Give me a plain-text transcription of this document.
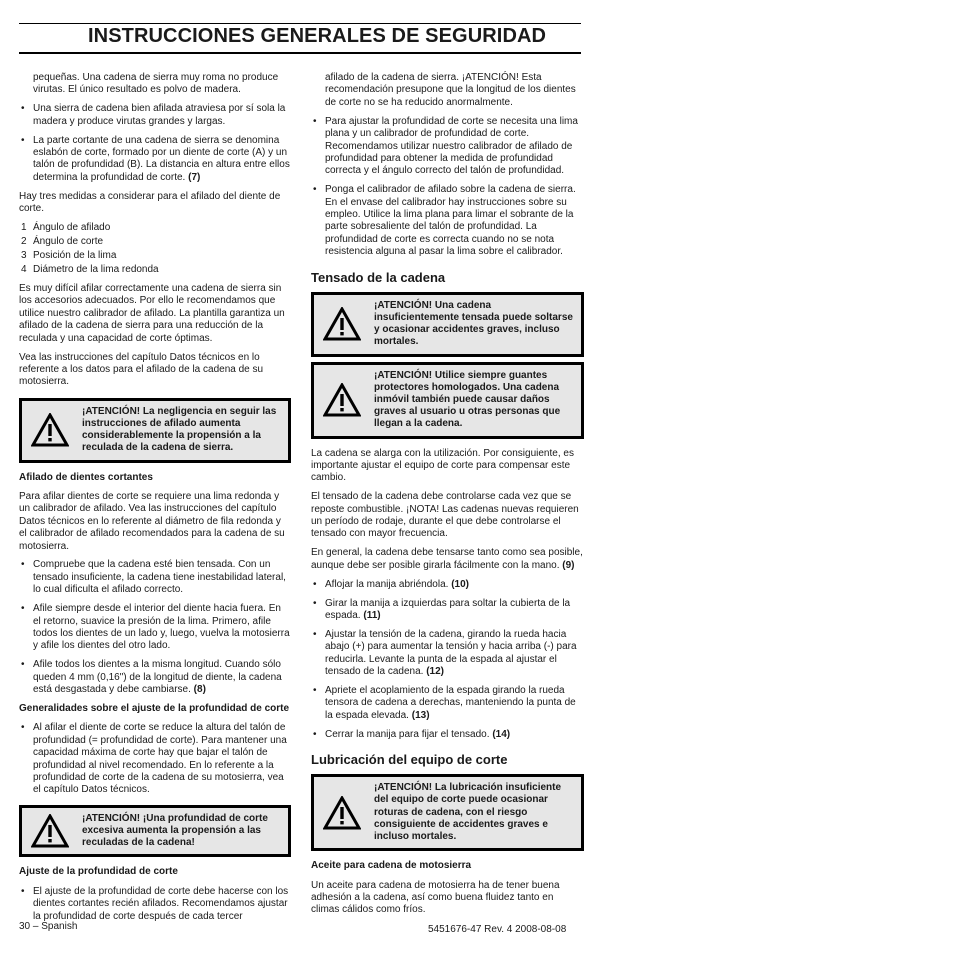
INSTRUCCIONES GENERALES DE SEGURIDAD

pequeñas. Una cadena de sierra muy roma no produce virutas. El único resultado es polvo de madera.

• Una sierra de cadena bien afilada atraviesa por sí sola la madera y produce virutas grandes y largas.
• La parte cortante de una cadena de sierra se denomina eslabón de corte, formado por un diente de corte (A) y un talón de profundidad (B). La distancia en altura entre ellos determina la profundidad de corte. (7)

Hay tres medidas a considerar para el afilado del diente de corte.

1 Ángulo de afilado
2 Ángulo de corte
3 Posición de la lima
4 Diámetro de la lima redonda

Es muy difícil afilar correctamente una cadena de sierra sin los accesorios adecuados. Por ello le recomendamos que utilice nuestro calibrador de afilado. La plantilla garantiza un afilado de la cadena de sierra para una reducción de la reculada y una capacidad de corte óptimas.

Vea las instrucciones del capítulo Datos técnicos en lo referente a los datos para el afilado de la cadena de su motosierra.

¡ATENCIÓN! La negligencia en seguir las instrucciones de afilado aumenta considerablemente la propensión a la reculada de la cadena de sierra.

Afilado de dientes cortantes

Para afilar dientes de corte se requiere una lima redonda y un calibrador de afilado. Vea las instrucciones del capítulo Datos técnicos en lo referente al diámetro de fila redonda y el calibrador de afilado recomendados para la cadena de su motosierra.

• Compruebe que la cadena esté bien tensada. Con un tensado insuficiente, la cadena tiene inestabilidad lateral, lo cual dificulta el afilado correcto.
• Afile siempre desde el interior del diente hacia fuera. En el retorno, suavice la presión de la lima. Primero, afile todos los dientes de un lado y, luego, vuelva la motosierra y afile los dientes del otro lado.
• Afile todos los dientes a la misma longitud. Cuando sólo queden 4 mm (0,16") de la longitud de diente, la cadena está desgastada y debe cambiarse. (8)

Generalidades sobre el ajuste de la profundidad de corte

• Al afilar el diente de corte se reduce la altura del talón de profundidad (= profundidad de corte). Para mantener una capacidad máxima de corte hay que bajar el talón de profundidad al nivel recomendado. En lo referente a la profundidad de corte de la cadena de su motosierra, vea el capítulo Datos técnicos.
¡ATENCIÓN! ¡Una profundidad de corte excesiva aumenta la propensión a las reculadas de la cadena!

Ajuste de la profundidad de corte

• El ajuste de la profundidad de corte debe hacerse con los dientes cortantes recién afilados. Recomendamos ajustar la profundidad de corte después de cada tercer

afilado de la cadena de sierra. ¡ATENCIÓN! Esta recomendación presupone que la longitud de los dientes de corte no se ha reducido anormalmente.

• Para ajustar la profundidad de corte se necesita una lima plana y un calibrador de profundidad de corte. Recomendamos utilizar nuestro calibrador de afilado de profundidad para obtener la medida de profundidad correcta y el ángulo correcto del talón de profundidad.
• Ponga el calibrador de afilado sobre la cadena de sierra. En el envase del calibrador hay instrucciones sobre su empleo. Utilice la lima plana para limar el sobrante de la parte sobresaliente del talón de profundidad. La profundidad de corte es correcta cuando no se nota resistencia alguna al pasar la lima sobre el calibrador.
Tensado de la cadena
¡ATENCIÓN! Una cadena insuficientemente tensada puede soltarse y ocasionar accidentes graves, incluso mortales.
¡ATENCIÓN! Utilice siempre guantes protectores homologados. Una cadena inmóvil también puede causar daños graves al usuario u otras personas que llegan a la cadena.

La cadena se alarga con la utilización. Por consiguiente, es importante ajustar el equipo de corte para compensar este cambio.

El tensado de la cadena debe controlarse cada vez que se reposte combustible. ¡NOTA! Las cadenas nuevas requieren un período de rodaje, durante el que debe controlarse el tensado con mayor frecuencia.

En general, la cadena debe tensarse tanto como sea posible, aunque debe ser posible girarla fácilmente con la mano. (9)

• Aflojar la manija abriéndola. (10)
• Girar la manija a izquierdas para soltar la cubierta de la espada. (11)
• Ajustar la tensión de la cadena, girando la rueda hacia abajo (+) para aumentar la tensión y hacia arriba (-) para reducirla. Levante la punta de la espada al ajustar el tensado de la cadena. (12)
• Apriete el acoplamiento de la espada girando la rueda tensora de cadena a derechas, manteniendo la punta de la espada elevada. (13)
• Cerrar la manija para fijar el tensado. (14)
Lubricación del equipo de corte
¡ATENCIÓN! La lubricación insuficiente del equipo de corte puede ocasionar roturas de cadena, con el riesgo consiguiente de accidentes graves e incluso mortales.

Aceite para cadena de motosierra

Un aceite para cadena de motosierra ha de tener buena adhesión a la cadena, así como buena fluidez tanto en climas cálidos como fríos.

30 – Spanish	5451676-47 Rev. 4 2008-08-08
